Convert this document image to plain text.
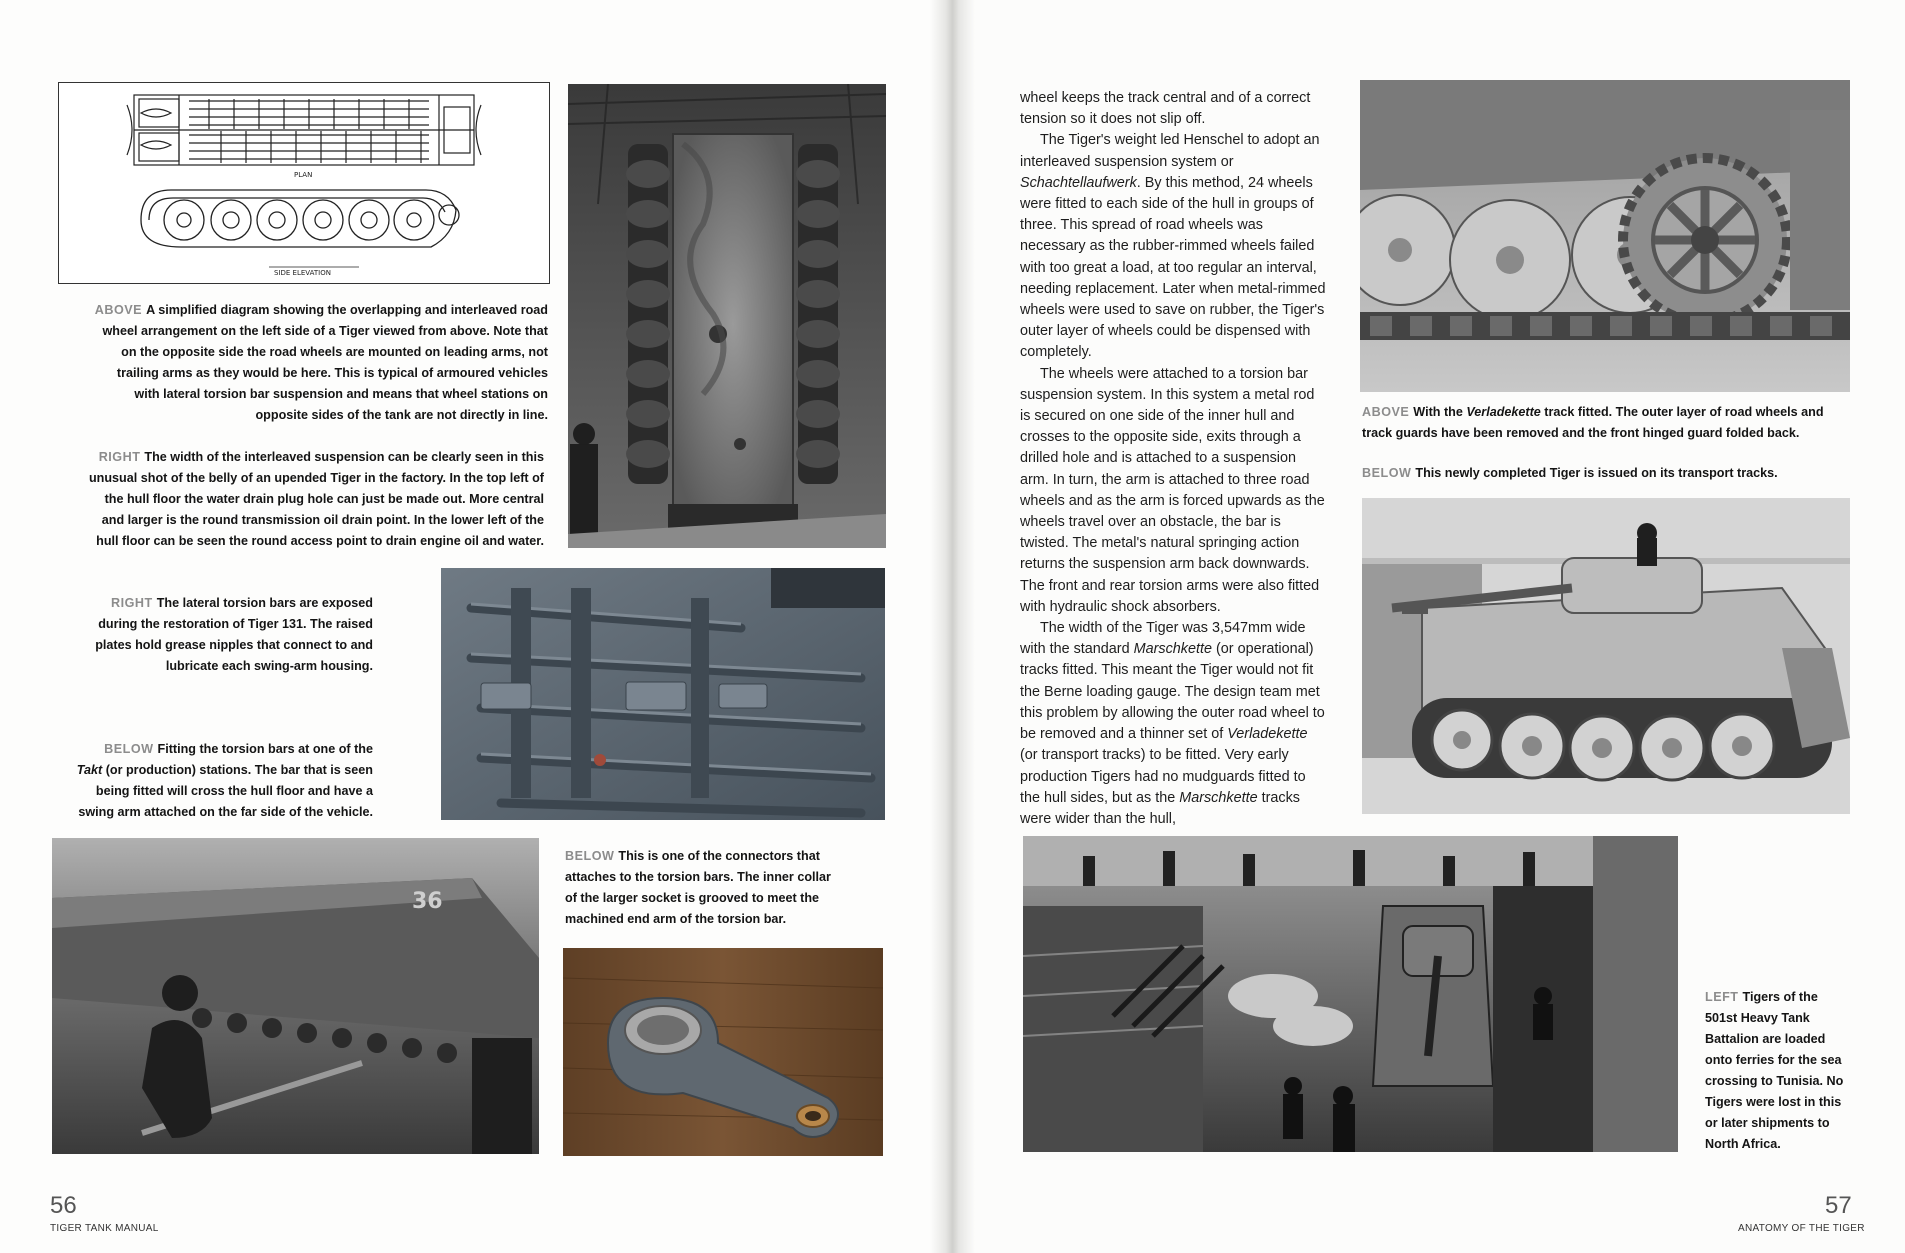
PLAN
SIDE ELEVATION
ABOVE A simplified diagram showing the overlapping and interleaved road
wheel arrangement on the left side of a Tiger viewed from above. Note that
on the opposite side the road wheels are mounted on leading arms, not
trailing arms as they would be here. This is typical of armoured vehicles
with lateral torsion bar suspension and means that wheel stations on
opposite sides of the tank are not directly in line.
RIGHT The width of the interleaved suspension can be clearly seen in this
unusual shot of the belly of an upended Tiger in the factory. In the top left of
the hull floor the water drain plug hole can just be made out. More central
and larger is the round transmission oil drain point. In the lower left of the
hull floor can be seen the round access point to drain engine oil and water.
RIGHT The lateral torsion bars are exposed
during the restoration of Tiger 131. The raised
plates hold grease nipples that connect to and
lubricate each swing-arm housing.
BELOW Fitting the torsion bars at one of the
Takt (or production) stations. The bar that is seen
being fitted will cross the hull floor and have a
swing arm attached on the far side of the vehicle.
36
BELOW This is one of the connectors that
attaches to the torsion bars. The inner collar
of the larger socket is grooved to meet the
machined end arm of the torsion bar.
56
TIGER TANK MANUAL

wheel keeps the track central and of a correct tension so it does not slip off.

The Tiger's weight led Henschel to adopt an interleaved suspension system or Schachtellaufwerk. By this method, 24 wheels were fitted to each side of the hull in groups of three. This spread of road wheels was necessary as the rubber-rimmed wheels failed with too great a load, at too regular an interval, needing replacement. Later when metal-rimmed wheels were used to save on rubber, the Tiger's outer layer of wheels could be dispensed with completely.

The wheels were attached to a torsion bar suspension system. In this system a metal rod is secured on one side of the inner hull and crosses to the opposite side, exits through a drilled hole and is attached to a suspension arm. In turn, the arm is attached to three road wheels and as the arm is forced upwards as the wheels travel over an obstacle, the bar is twisted. The metal's natural springing action returns the suspension arm back downwards. The front and rear torsion arms were also fitted with hydraulic shock absorbers.

The width of the Tiger was 3,547mm wide with the standard Marschkette (or operational) tracks fitted. This meant the Tiger would not fit the Berne loading gauge. The design team met this problem by allowing the outer road wheel to be removed and a thinner set of Verladekette (or transport tracks) to be fitted. Very early production Tigers had no mudguards fitted to the hull sides, but as the Marschkette tracks were wider than the hull,

ABOVE With the Verladekette track fitted. The outer layer of road wheels and
track guards have been removed and the front hinged guard folded back.
BELOW This newly completed Tiger is issued on its transport tracks.
LEFT Tigers of the
501st Heavy Tank
Battalion are loaded
onto ferries for the sea
crossing to Tunisia. No
Tigers were lost in this
or later shipments to
North Africa.
57
ANATOMY OF THE TIGER
